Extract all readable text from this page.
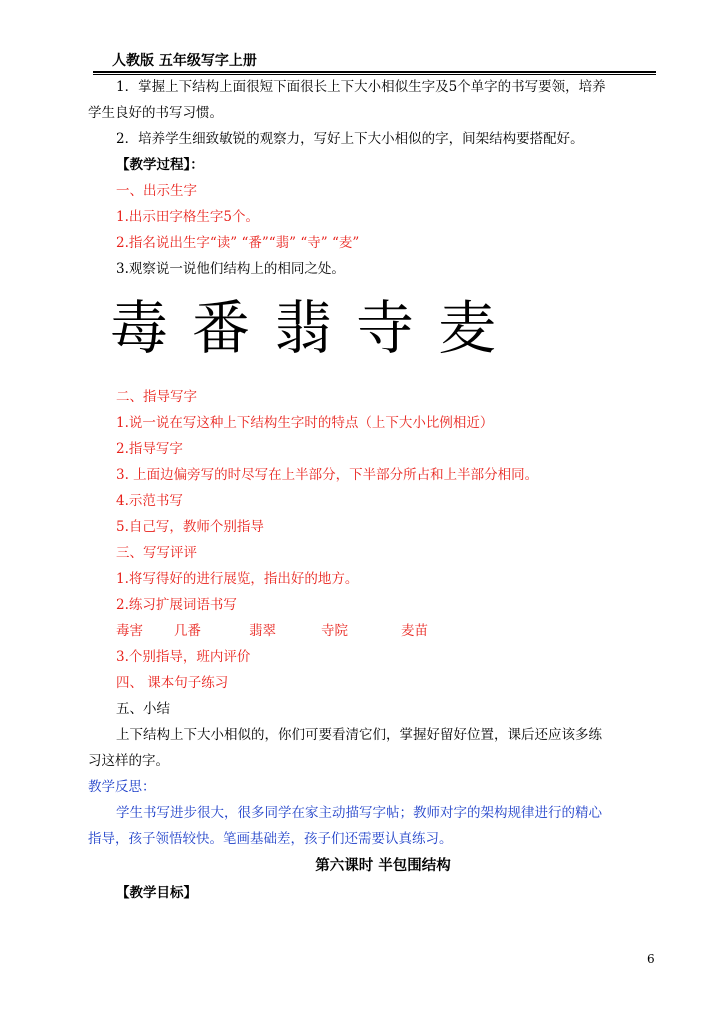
人教版 五年级写字上册
1．掌握上下结构上面很短下面很长上下大小相似生字及5个单字的书写要领，培养
学生良好的书写习惯。
2．培养学生细致敏锐的观察力，写好上下大小相似的字，间架结构要搭配好。
【教学过程】：
一、出示生字
1.出示田字格生字5个。
2.指名说出生字“读” “番”“翡” “寺” “麦”
3.观察说一说他们结构上的相同之处。
毒 番 翡 寺 麦
二、指导写字
1.说一说在写这种上下结构生字时的特点（上下大小比例相近）
2.指导写字
3. 上面边偏旁写的时尽写在上半部分，下半部分所占和上半部分相同。
4.示范书写
5.自己写，教师个别指导
三、写写评评
1.将写得好的进行展览，指出好的地方。
2.练习扩展词语书写
毒害 几番	翡翠	寺院	麦苗
3.个别指导，班内评价
四、 课本句子练习
五、小结
上下结构上下大小相似的，你们可要看清它们，掌握好留好位置，课后还应该多练
习这样的字。
教学反思：
学生书写进步很大，很多同学在家主动描写字帖；教师对字的架构规律进行的精心
指导，孩子领悟较快。笔画基础差，孩子们还需要认真练习。
第六课时 半包围结构
【教学目标】
6
